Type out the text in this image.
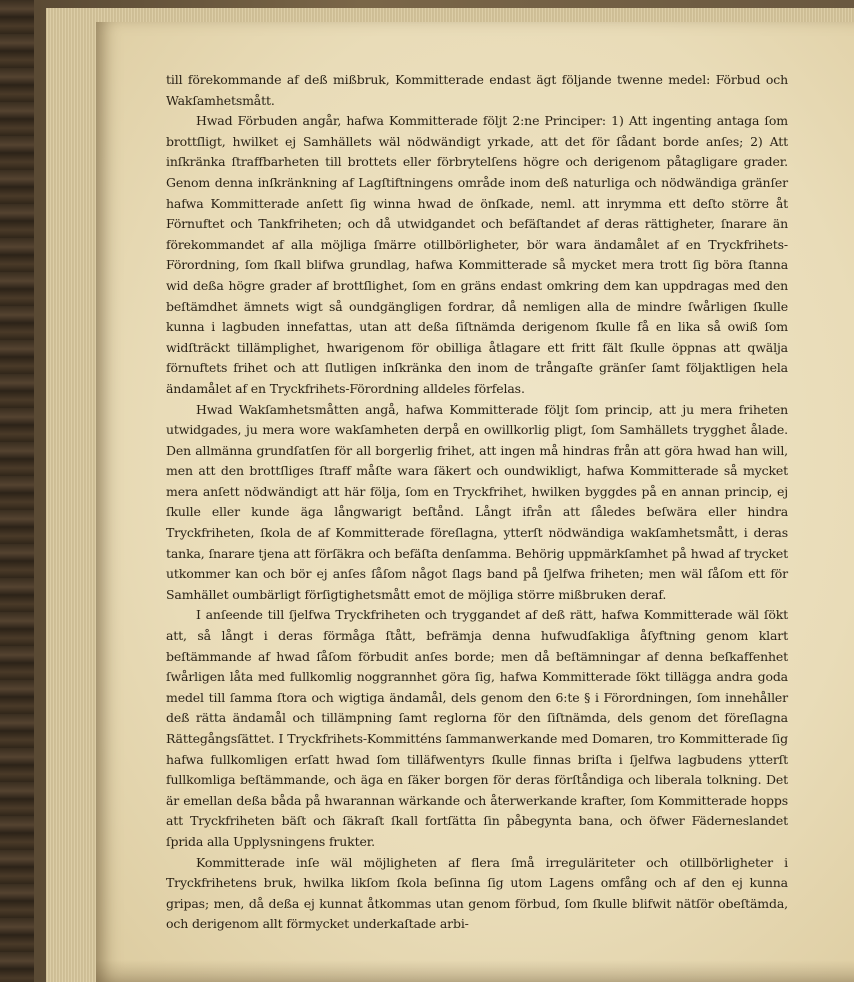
till förekommande af deß mißbruk, Kommitterade endast ägt följande twenne medel: Förbud och Wakſamhetsmått.

Hwad Förbuden angår, hafwa Kommitterade följt 2:ne Principer: 1) Att ingenting antaga ſom brottſligt, hwilket ej Samhällets wäl nödwändigt yrkade, att det för ſådant borde anſes; 2) Att inſkränka ſtraffbarheten till brottets eller förbrytelſens högre och derigenom påtagligare grader. Genom denna inſkränkning af Lagſtiftningens område inom deß naturliga och nödwändiga gränſer hafwa Kommitterade anſett ſig winna hwad de önſkade, neml. att inrymma ett deſto större åt Förnuftet och Tankfriheten; och då utwidgandet och befäſtandet af deras rättigheter, ſnarare än förekommandet af alla möjliga ſmärre otillbörligheter, bör wara ändamålet af en Tryckfrihets-Förordning, ſom ſkall blifwa grundlag, hafwa Kommitterade så mycket mera trott ſig böra ſtanna wid deßa högre grader af brottſlighet, ſom en gräns endast omkring dem kan uppdragas med den beſtämdhet ämnets wigt så oundgängligen fordrar, då nemligen alla de mindre ſwårligen ſkulle kunna i lagbuden innefattas, utan att deßa ſiſtnämda derigenom ſkulle få en lika så owiß ſom widſträckt tillämplighet, hwarigenom för obilliga åtlagare ett fritt fält ſkulle öppnas att qwälja förnuftets frihet och att ſlutligen inſkränka den inom de trångaſte gränſer ſamt följaktligen hela ändamålet af en Tryckfrihets-Förordning alldeles förfelas.

Hwad Wakſamhetsmåtten angå, hafwa Kommitterade följt ſom princip, att ju mera friheten utwidgades, ju mera wore wakſamheten derpå en owillkorlig pligt, ſom Samhällets trygghet ålade. Den allmänna grundſatſen för all borgerlig frihet, att ingen må hindras från att göra hwad han will, men att den brottſliges ſtraff måſte wara ſäkert och oundwikligt, hafwa Kommitterade så mycket mera anſett nödwändigt att här följa, ſom en Tryckfrihet, hwilken byggdes på en annan princip, ej ſkulle eller kunde äga långwarigt beſtånd. Långt ifrån att ſåledes beſwära eller hindra Tryckfriheten, ſkola de af Kommitterade föreſlagna, ytterſt nödwändiga wakſamhetsmått, i deras tanka, ſnarare tjena att förſäkra och befäſta denſamma. Behörig uppmärkſamhet på hwad af trycket utkommer kan och bör ej anſes ſåſom något ſlags band på ſjelfwa friheten; men wäl ſåſom ett för Samhället oumbärligt förſigtighetsmått emot de möjliga större mißbruken deraf.

I anſeende till ſjelfwa Tryckfriheten och tryggandet af deß rätt, hafwa Kommitterade wäl ſökt att, så långt i deras förmåga ſtått, befrämja denna hufwudſakliga åſyftning genom klart beſtämmande af hwad ſåſom förbudit anſes borde; men då beſtämningar af denna beſkaffenhet ſwårligen låta med fullkomlig noggrannhet göra ſig, hafwa Kommitterade ſökt tillägga andra goda medel till ſamma ſtora och wigtiga ändamål, dels genom den 6:te § i Förordningen, ſom innehåller deß rätta ändamål och tillämpning ſamt reglorna för den ſiſtnämda, dels genom det föreſlagna Rättegångsſättet. I Tryckfrihets-Kommitténs ſammanwerkande med Domaren, tro Kommitterade ſig hafwa fullkomligen erſatt hwad ſom tilläfwentyrs ſkulle finnas briſta i ſjelfwa lagbudens ytterſt fullkomliga beſtämmande, och äga en ſäker borgen för deras förſtåndiga och liberala tolkning. Det är emellan deßa båda på hwarannan wärkande och återwerkande krafter, ſom Kommitterade hopps att Tryckfriheten bäſt och ſäkraſt ſkall fortſätta ſin påbegynta bana, och öfwer Fäderneslandet ſprida alla Upplysningens frukter.

Kommitterade inſe wäl möjligheten af flera ſmå irreguläriteter och otillbörligheter i Tryckfrihetens bruk, hwilka likſom ſkola beſinna ſig utom Lagens omfång och af den ej kunna gripas; men, då deßa ej kunnat åtkommas utan genom förbud, ſom ſkulle blifwit nätſör obeſtämda, och derigenom allt förmycket underkaſtade arbi-
